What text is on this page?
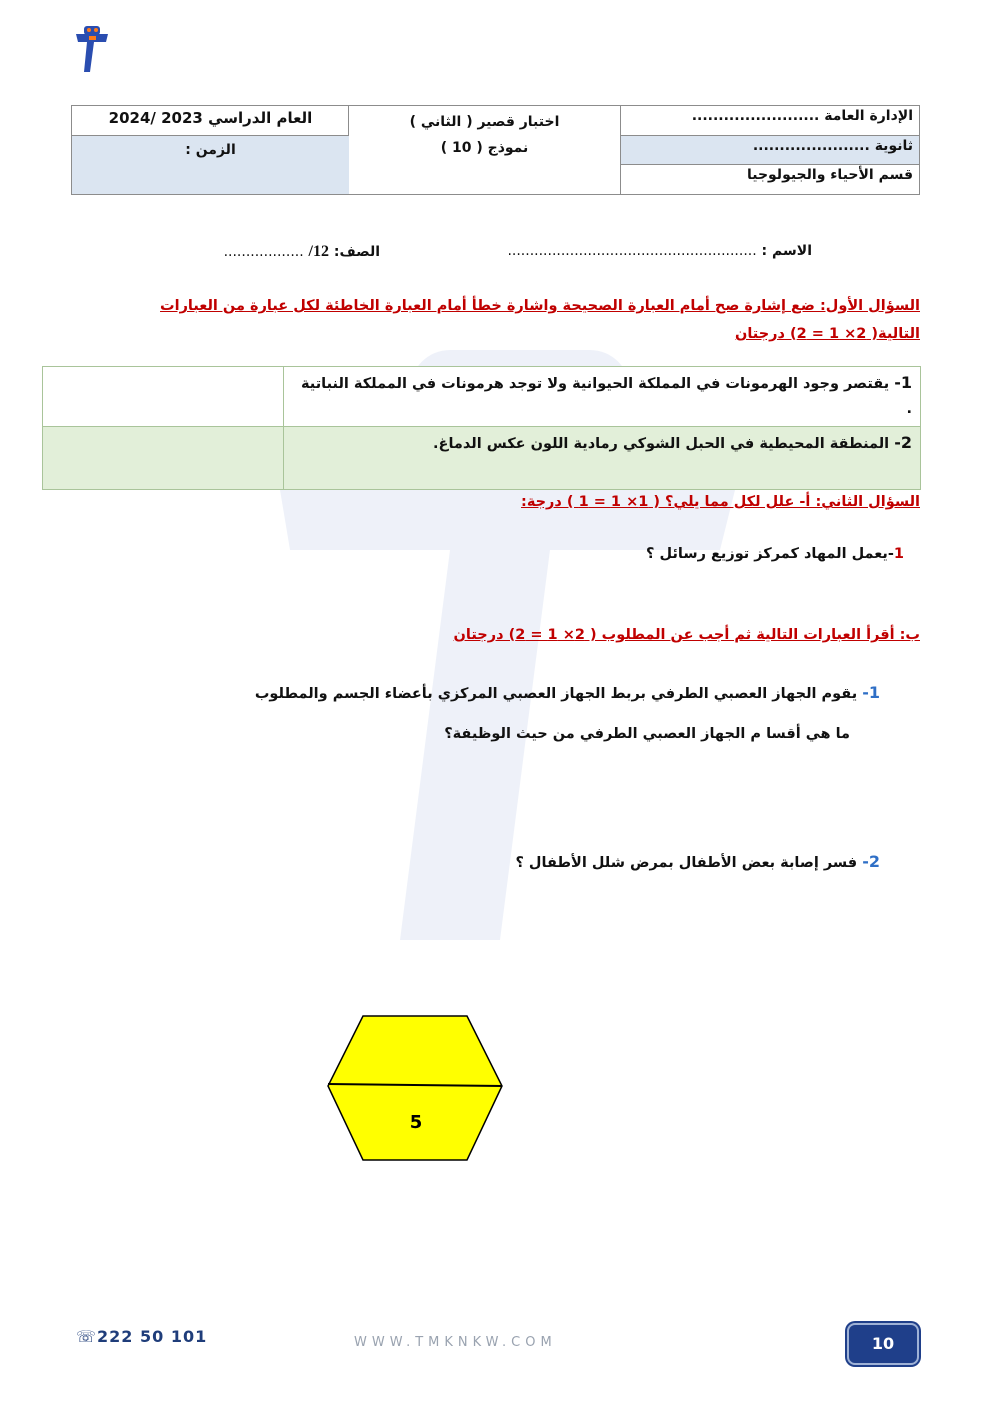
الإدارة العامة ........................
ثانوية ......................
قسم الأحياء والجيولوجيا
اختبار قصير ( الثاني )
نموذج ( 10 )
العام الدراسي 2023 /2024
الزمن :
الاسم : ........................................................
الصف: 12/ ..................
السؤال الأول: ضع إشارة صح أمام العبارة الصحيحة واشارة خطأ أمام العبارة الخاطئة لكل عبارة من العبارات
التالية( 2× 1 = 2) درجتان
1- يقتصر وجود الهرمونات في المملكة الحيوانية ولا توجد هرمونات في المملكة النباتية .
2- المنطقة المحيطية في الحبل الشوكي رمادية اللون عكس الدماغ.
السؤال الثاني: أ- علل لكل مما يلي؟ ( 1× 1 = 1 ) درجة:
1-يعمل المهاد كمركز توزيع رسائل ؟
ب: أقرأ العبارات التالية ثم أجب عن المطلوب ( 2× 1 = 2) درجتان
1- يقوم الجهاز العصبي الطرفي بربط الجهاز العصبي المركزي بأعضاء الجسم والمطلوب
ما هي أقسا م الجهاز العصبي الطرفي من حيث الوظيفة؟
2- فسر إصابة بعض الأطفال بمرض شلل الأطفال ؟
5
☏222 50 101	WWW.TMKNKW.COM	10
